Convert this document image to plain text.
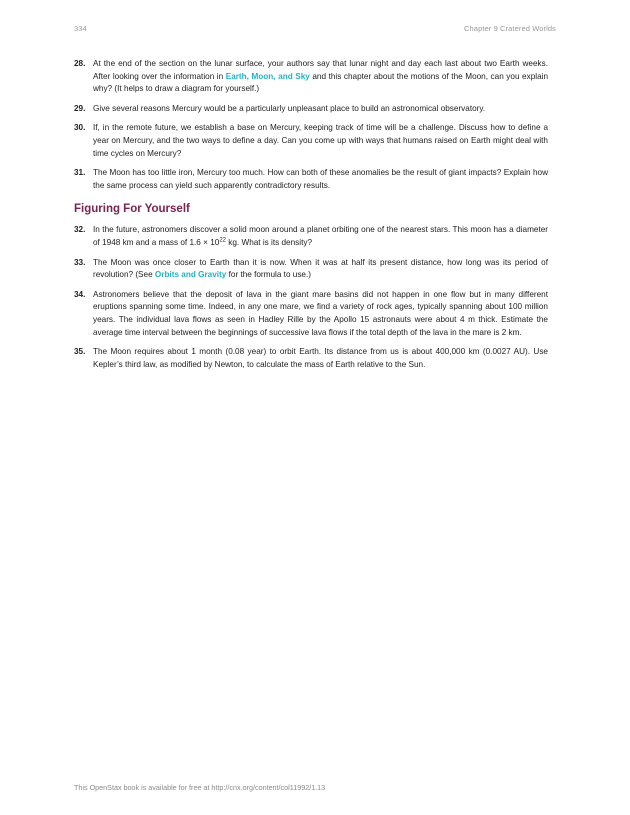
334	Chapter 9 Cratered Worlds
28. At the end of the section on the lunar surface, your authors say that lunar night and day each last about two Earth weeks. After looking over the information in Earth, Moon, and Sky and this chapter about the motions of the Moon, can you explain why? (It helps to draw a diagram for yourself.)
29. Give several reasons Mercury would be a particularly unpleasant place to build an astronomical observatory.
30. If, in the remote future, we establish a base on Mercury, keeping track of time will be a challenge. Discuss how to define a year on Mercury, and the two ways to define a day. Can you come up with ways that humans raised on Earth might deal with time cycles on Mercury?
31. The Moon has too little iron, Mercury too much. How can both of these anomalies be the result of giant impacts? Explain how the same process can yield such apparently contradictory results.
Figuring For Yourself
32. In the future, astronomers discover a solid moon around a planet orbiting one of the nearest stars. This moon has a diameter of 1948 km and a mass of $1.6 \times 10^{22}$ kg. What is its density?
33. The Moon was once closer to Earth than it is now. When it was at half its present distance, how long was its period of revolution? (See Orbits and Gravity for the formula to use.)
34. Astronomers believe that the deposit of lava in the giant mare basins did not happen in one flow but in many different eruptions spanning some time. Indeed, in any one mare, we find a variety of rock ages, typically spanning about 100 million years. The individual lava flows as seen in Hadley Rille by the Apollo 15 astronauts were about 4 m thick. Estimate the average time interval between the beginnings of successive lava flows if the total depth of the lava in the mare is 2 km.
35. The Moon requires about 1 month (0.08 year) to orbit Earth. Its distance from us is about 400,000 km (0.0027 AU). Use Kepler’s third law, as modified by Newton, to calculate the mass of Earth relative to the Sun.
This OpenStax book is available for free at http://cnx.org/content/col11992/1.13
